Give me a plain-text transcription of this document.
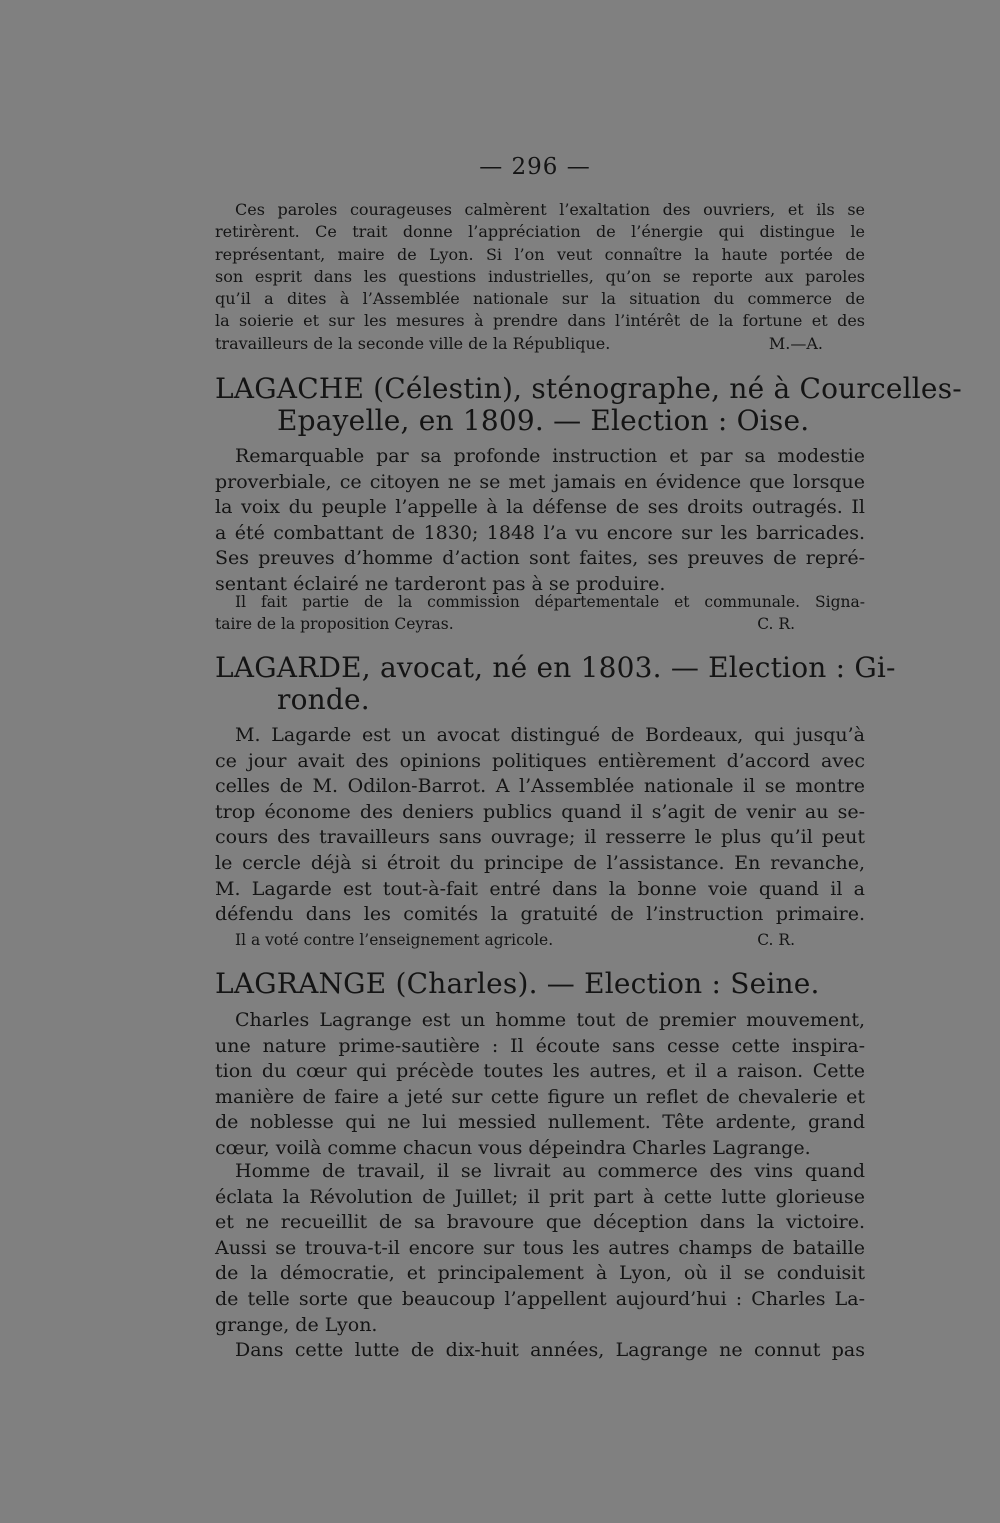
— 296 —
Ces paroles courageuses calmèrent l’exaltation des ouvriers, et ils se
retirèrent. Ce trait donne l’appréciation de l’énergie qui distingue le
représentant, maire de Lyon. Si l’on veut connaître la haute portée de
son esprit dans les questions industrielles, qu’on se reporte aux paroles
qu’il a dites à l’Assemblée nationale sur la situation du commerce de
la soierie et sur les mesures à prendre dans l’intérêt de la fortune et des
travailleurs de la seconde ville de la République.	M.—A.
LAGACHE (Célestin), sténographe, né à Courcelles-
Epayelle, en 1809. — Election : Oise.
Remarquable par sa profonde instruction et par sa modestie
proverbiale, ce citoyen ne se met jamais en évidence que lorsque
la voix du peuple l’appelle à la défense de ses droits outragés. Il
a été combattant de 1830; 1848 l’a vu encore sur les barricades.
Ses preuves d’homme d’action sont faites, ses preuves de repré-
sentant éclairé ne tarderont pas à se produire.
Il fait partie de la commission départementale et communale. Signa-
taire de la proposition Ceyras.	C. R.
LAGARDE, avocat, né en 1803. — Election : Gi-
ronde.
M. Lagarde est un avocat distingué de Bordeaux, qui jusqu’à
ce jour avait des opinions politiques entièrement d’accord avec
celles de M. Odilon-Barrot. A l’Assemblée nationale il se montre
trop économe des deniers publics quand il s’agit de venir au se-
cours des travailleurs sans ouvrage; il resserre le plus qu’il peut
le cercle déjà si étroit du principe de l’assistance. En revanche,
M. Lagarde est tout-à-fait entré dans la bonne voie quand il a
défendu dans les comités la gratuité de l’instruction primaire.
Il a voté contre l’enseignement agricole.	C. R.
LAGRANGE (Charles). — Election : Seine.
Charles Lagrange est un homme tout de premier mouvement,
une nature prime-sautière : Il écoute sans cesse cette inspira-
tion du cœur qui précède toutes les autres, et il a raison. Cette
manière de faire a jeté sur cette figure un reflet de chevalerie et
de noblesse qui ne lui messied nullement. Tête ardente, grand
cœur, voilà comme chacun vous dépeindra Charles Lagrange.
Homme de travail, il se livrait au commerce des vins quand
éclata la Révolution de Juillet; il prit part à cette lutte glorieuse
et ne recueillit de sa bravoure que déception dans la victoire.
Aussi se trouva-t-il encore sur tous les autres champs de bataille
de la démocratie, et principalement à Lyon, où il se conduisit
de telle sorte que beaucoup l’appellent aujourd’hui : Charles La-
grange, de Lyon.
Dans cette lutte de dix-huit années, Lagrange ne connut pas
